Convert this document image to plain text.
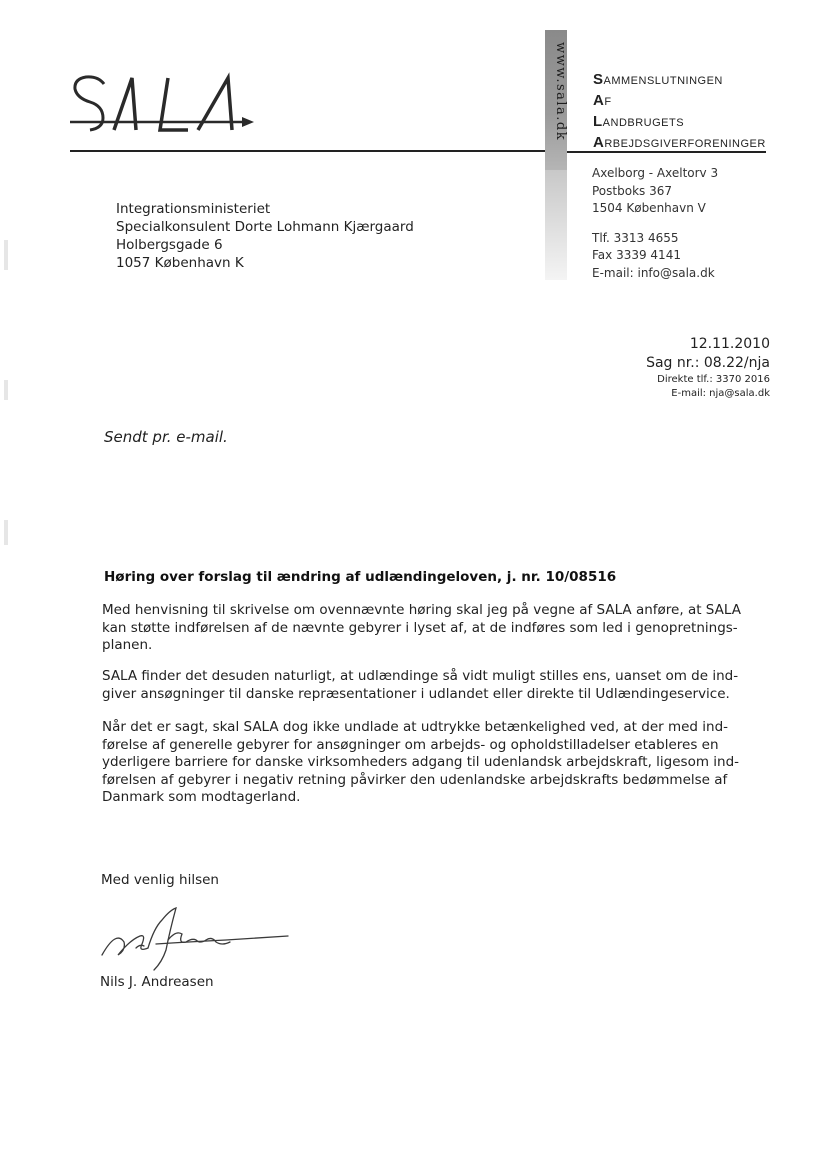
www.sala.dk SAMMENSLUTNINGEN
AF
LANDBRUGETS
ARBEJDSGIVERFORENINGER
Axelborg - Axeltorv 3
Postboks 367
1504 København V
Tlf. 3313 4655
Fax 3339 4141
E-mail: info@sala.dk
Integrationsministeriet
Specialkonsulent Dorte Lohmann Kjærgaard
Holbergsgade 6
1057 København K
12.11.2010
Sag nr.: 08.22/nja
Direkte tlf.: 3370 2016
E-mail: nja@sala.dk
Sendt pr. e-mail.
Høring over forslag til ændring af udlændingeloven, j. nr. 10/08516
Med henvisning til skrivelse om ovennævnte høring skal jeg på vegne af SALA anføre, at SALA
kan støtte indførelsen af de nævnte gebyrer i lyset af, at de indføres som led i genopretnings-
planen.
SALA finder det desuden naturligt, at udlændinge så vidt muligt stilles ens, uanset om de ind-
giver ansøgninger til danske repræsentationer i udlandet eller direkte til Udlændingeservice.
Når det er sagt, skal SALA dog ikke undlade at udtrykke betænkelighed ved, at der med ind-
førelse af generelle gebyrer for ansøgninger om arbejds- og opholdstilladelser etableres en
yderligere barriere for danske virksomheders adgang til udenlandsk arbejdskraft, ligesom ind-
førelsen af gebyrer i negativ retning påvirker den udenlandske arbejdskrafts bedømmelse af
Danmark som modtagerland.
Med venlig hilsen
Nils J. Andreasen
